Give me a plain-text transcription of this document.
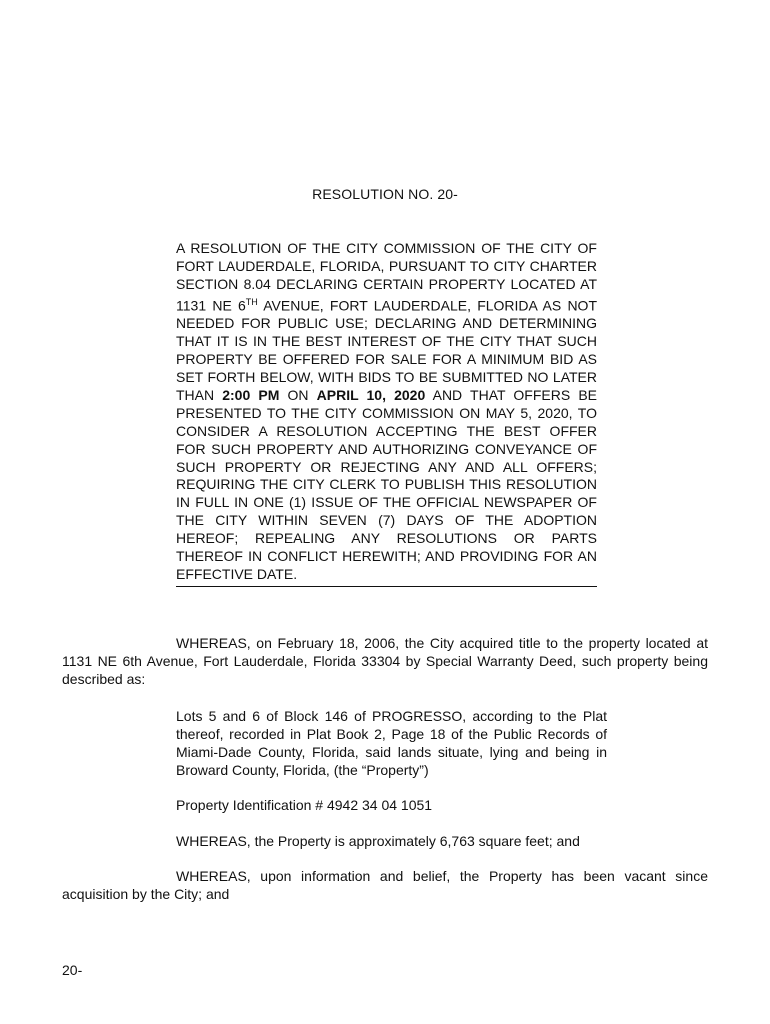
RESOLUTION NO. 20-
A RESOLUTION OF THE CITY COMMISSION OF THE CITY OF FORT LAUDERDALE, FLORIDA, PURSUANT TO CITY CHARTER SECTION 8.04 DECLARING CERTAIN PROPERTY LOCATED AT 1131 NE 6TH AVENUE, FORT LAUDERDALE, FLORIDA AS NOT NEEDED FOR PUBLIC USE; DECLARING AND DETERMINING THAT IT IS IN THE BEST INTEREST OF THE CITY THAT SUCH PROPERTY BE OFFERED FOR SALE FOR A MINIMUM BID AS SET FORTH BELOW, WITH BIDS TO BE SUBMITTED NO LATER THAN 2:00 PM ON APRIL 10, 2020 AND THAT OFFERS BE PRESENTED TO THE CITY COMMISSION ON MAY 5, 2020, TO CONSIDER A RESOLUTION ACCEPTING THE BEST OFFER FOR SUCH PROPERTY AND AUTHORIZING CONVEYANCE OF SUCH PROPERTY OR REJECTING ANY AND ALL OFFERS; REQUIRING THE CITY CLERK TO PUBLISH THIS RESOLUTION IN FULL IN ONE (1) ISSUE OF THE OFFICIAL NEWSPAPER OF THE CITY WITHIN SEVEN (7) DAYS OF THE ADOPTION HEREOF; REPEALING ANY RESOLUTIONS OR PARTS THEREOF IN CONFLICT HEREWITH; AND PROVIDING FOR AN EFFECTIVE DATE.
WHEREAS, on February 18, 2006, the City acquired title to the property located at 1131 NE 6th Avenue, Fort Lauderdale, Florida 33304 by Special Warranty Deed, such property being described as:
Lots 5 and 6 of Block 146 of PROGRESSO, according to the Plat thereof, recorded in Plat Book 2, Page 18 of the Public Records of Miami-Dade County, Florida, said lands situate, lying and being in Broward County, Florida, (the “Property”)
Property Identification # 4942 34 04 1051
WHEREAS, the Property is approximately 6,763 square feet; and
WHEREAS, upon information and belief, the Property has been vacant since acquisition by the City; and
20-
